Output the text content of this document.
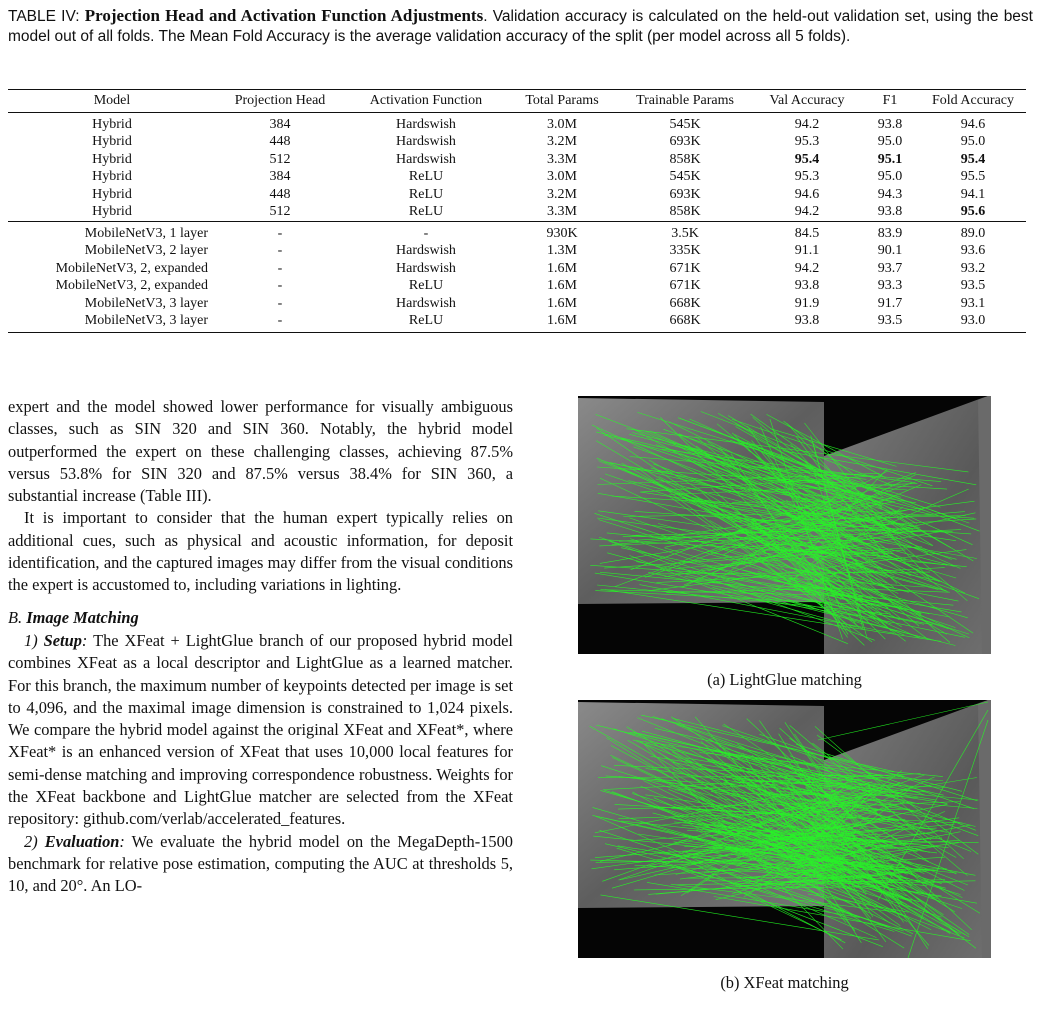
TABLE IV: Projection Head and Activation Function Adjustments. Validation accuracy is calculated on the held-out validation set, using the best model out of all folds. The Mean Fold Accuracy is the average validation accuracy of the split (per model across all 5 folds).
Model	Projection Head	Activation Function	Total Params	Trainable Params	Val Accuracy	F1	Fold Accuracy
Hybrid	384	Hardswish	3.0M	545K	94.2	93.8	94.6
Hybrid	448	Hardswish	3.2M	693K	95.3	95.0	95.0
Hybrid	512	Hardswish	3.3M	858K	95.4	95.1	95.4
Hybrid	384	ReLU	3.0M	545K	95.3	95.0	95.5
Hybrid	448	ReLU	3.2M	693K	94.6	94.3	94.1
Hybrid	512	ReLU	3.3M	858K	94.2	93.8	95.6
MobileNetV3, 1 layer	-	-	930K	3.5K	84.5	83.9	89.0
MobileNetV3, 2 layer	-	Hardswish	1.3M	335K	91.1	90.1	93.6
MobileNetV3, 2, expanded	-	Hardswish	1.6M	671K	94.2	93.7	93.2
MobileNetV3, 2, expanded	-	ReLU	1.6M	671K	93.8	93.3	93.5
MobileNetV3, 3 layer	-	Hardswish	1.6M	668K	91.9	91.7	93.1
MobileNetV3, 3 layer	-	ReLU	1.6M	668K	93.8	93.5	93.0

expert and the model showed lower performance for visually ambiguous classes, such as SIN 320 and SIN 360. Notably, the hybrid model outperformed the expert on these challenging classes, achieving 87.5% versus 53.8% for SIN 320 and 87.5% versus 38.4% for SIN 360, a substantial increase (Table III).

It is important to consider that the human expert typically relies on additional cues, such as physical and acoustic information, for deposit identification, and the captured images may differ from the visual conditions the expert is accustomed to, including variations in lighting.

B. Image Matching

1) Setup: The XFeat + LightGlue branch of our proposed hybrid model combines XFeat as a local descriptor and LightGlue as a learned matcher. For this branch, the maximum number of keypoints detected per image is set to 4,096, and the maximal image dimension is constrained to 1,024 pixels. We compare the hybrid model against the original XFeat and XFeat*, where XFeat* is an enhanced version of XFeat that uses 10,000 local features for semi-dense matching and improving correspondence robustness. Weights for the XFeat backbone and LightGlue matcher are selected from the XFeat repository: github.com/verlab/accelerated_features.

2) Evaluation: We evaluate the hybrid model on the MegaDepth-1500 benchmark for relative pose estimation, computing the AUC at thresholds 5, 10, and 20°. An LO-

(a) LightGlue matching
(b) XFeat matching
